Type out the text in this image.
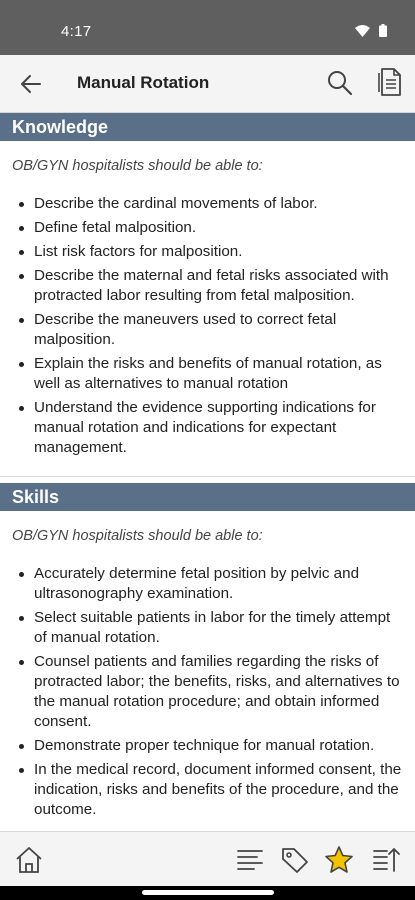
4:17
Manual Rotation
Knowledge

OB/GYN hospitalists should be able to:

Describe the cardinal movements of labor.
Define fetal malposition.
List risk factors for malposition.
Describe the maternal and fetal risks associated with protracted labor resulting from fetal malposition.
Describe the maneuvers used to correct fetal malposition.
Explain the risks and benefits of manual rotation, as well as alternatives to manual rotation
Understand the evidence supporting indications for manual rotation and indications for expectant management.
Skills

OB/GYN hospitalists should be able to:

Accurately determine fetal position by pelvic and ultrasonography examination.
Select suitable patients in labor for the timely attempt of manual rotation.
Counsel patients and families regarding the risks of protracted labor; the benefits, risks, and alternatives to the manual rotation procedure; and obtain informed consent.
Demonstrate proper technique for manual rotation.
In the medical record, document informed consent, the indication, risks and benefits of the procedure, and the outcome.
